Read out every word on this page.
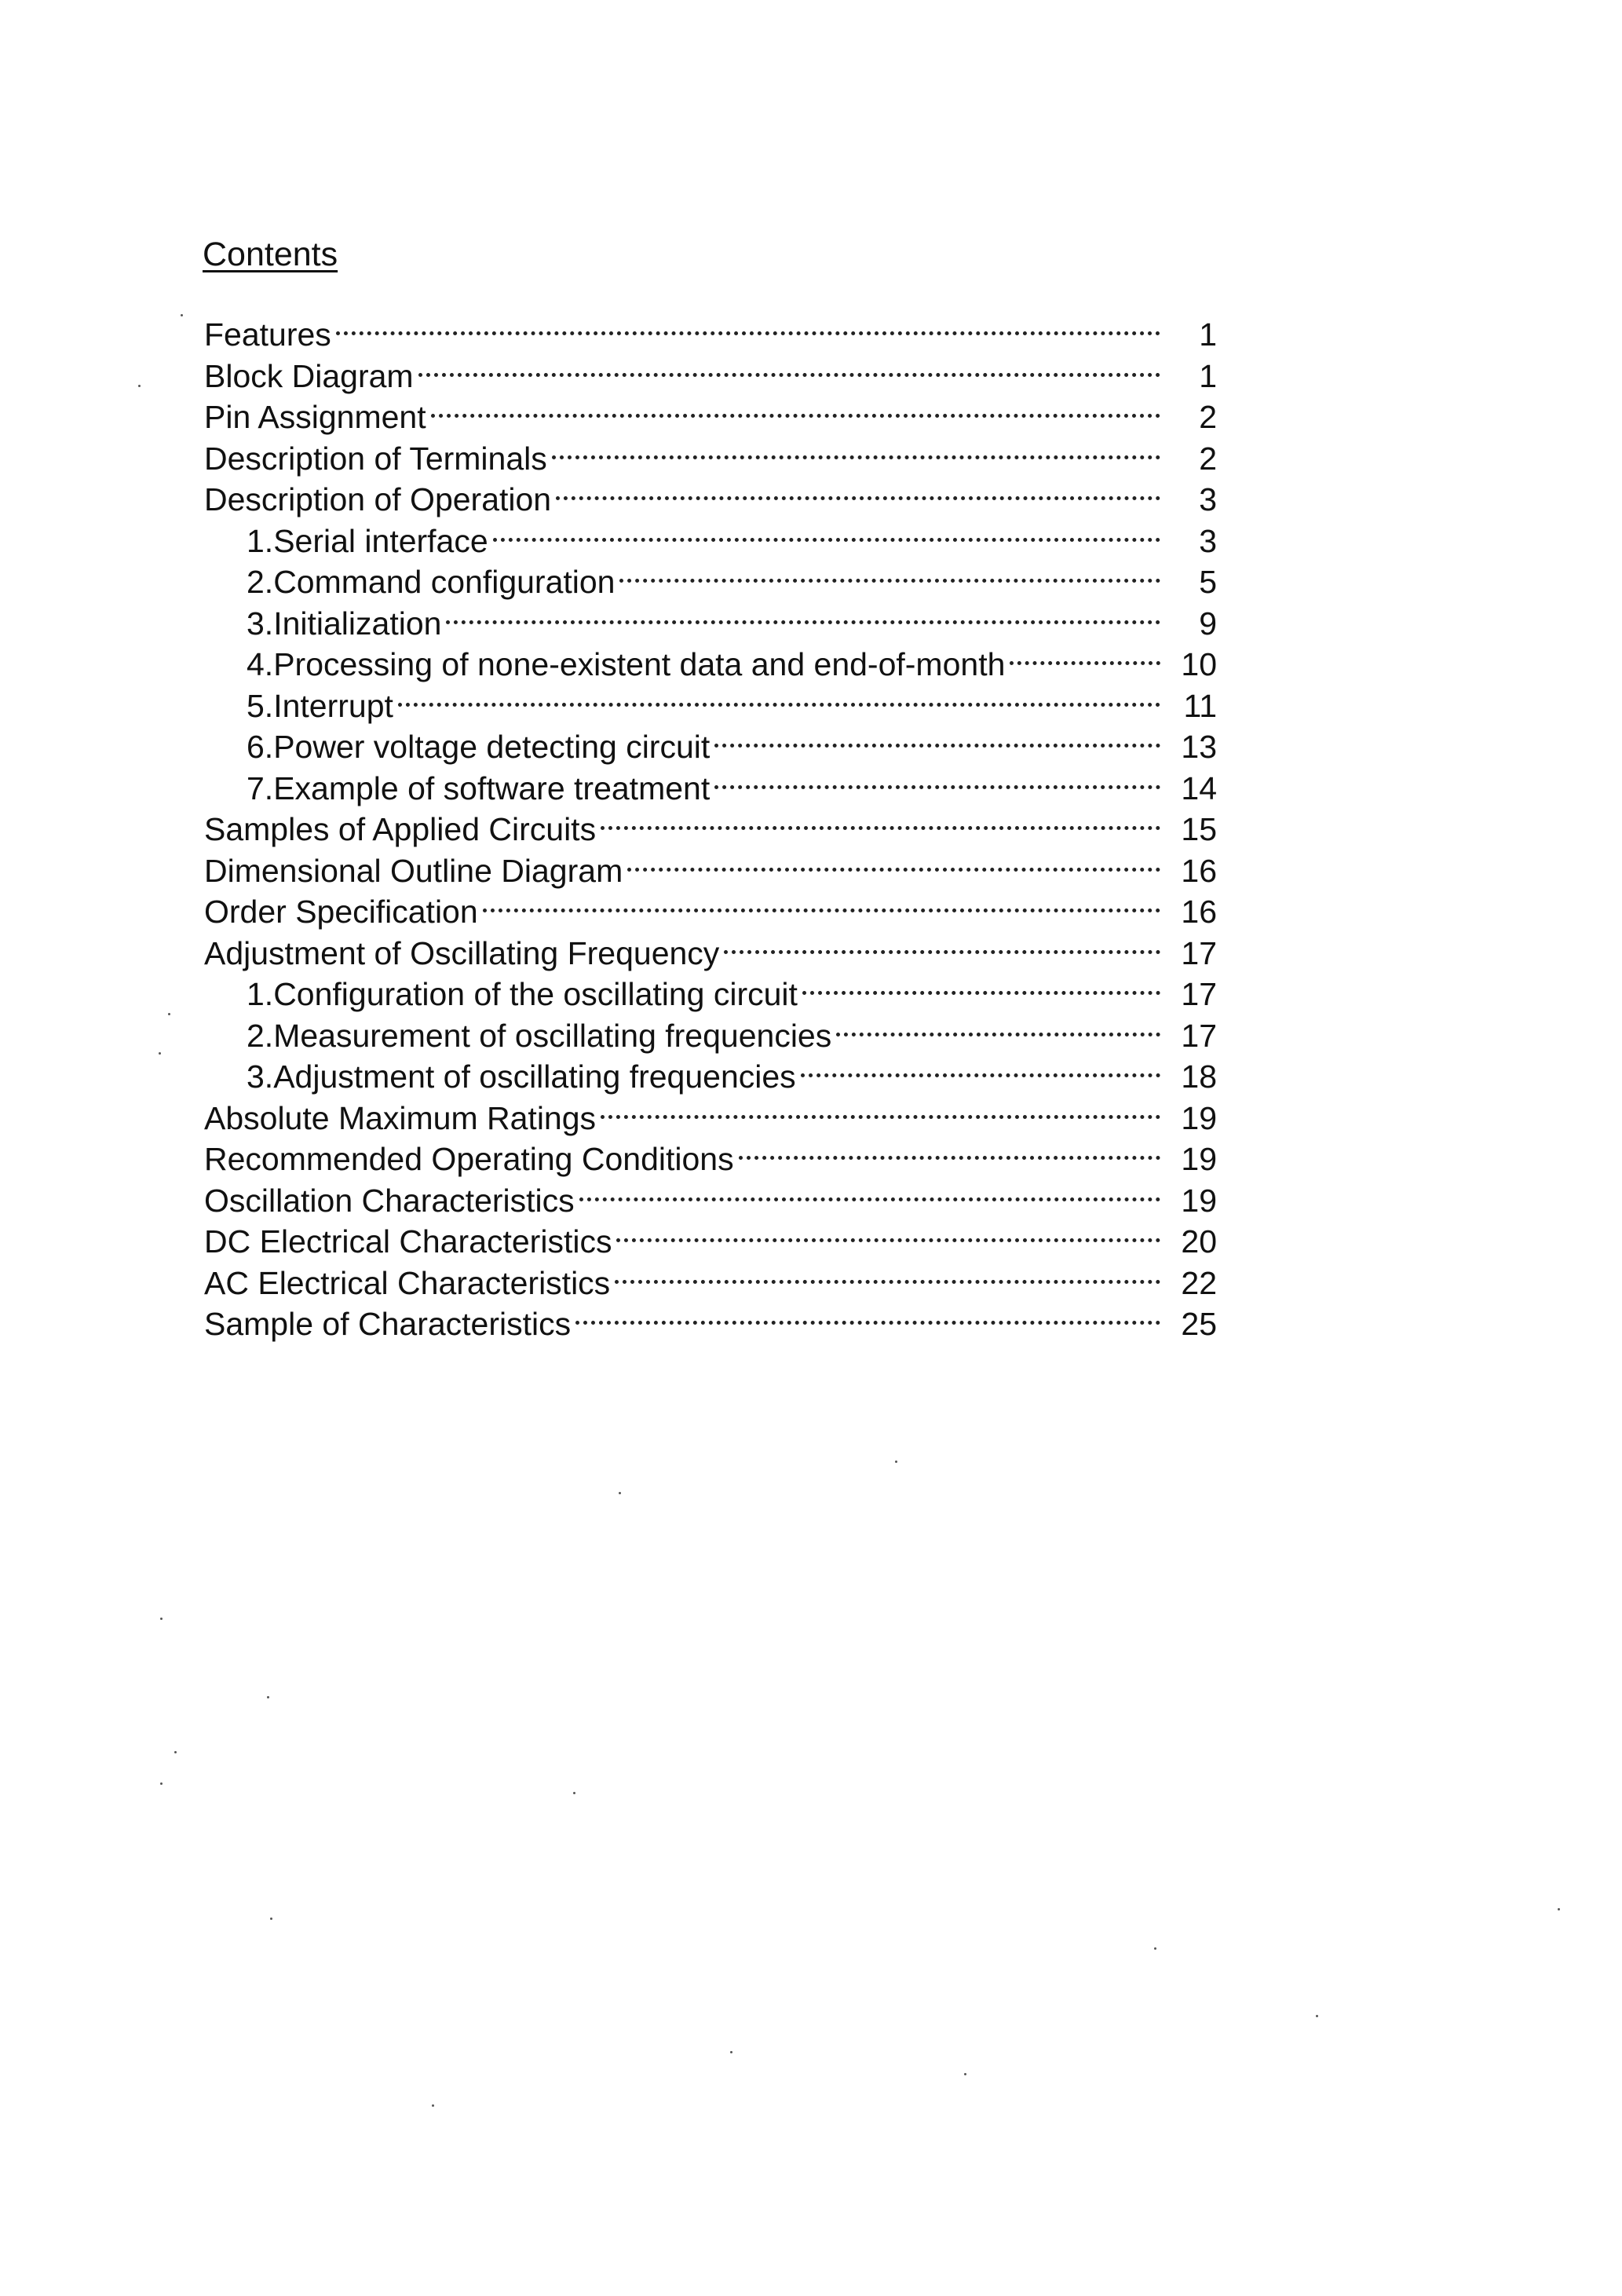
Contents
Features	1
Block Diagram	1
Pin Assignment	2
Description of Terminals	2
Description of Operation	3
1.Serial interface	3
2.Command configuration	5
3.Initialization	9
4.Processing of none-existent data and end-of-month	10
5.Interrupt	11
6.Power voltage detecting circuit	13
7.Example of software treatment	14
Samples of Applied Circuits	15
Dimensional Outline Diagram	16
Order Specification	16
Adjustment of Oscillating Frequency	17
1.Configuration of the oscillating circuit	17
2.Measurement of oscillating frequencies	17
3.Adjustment of oscillating frequencies	18
Absolute Maximum Ratings	19
Recommended Operating Conditions	19
Oscillation Characteristics	19
DC Electrical Characteristics	20
AC Electrical Characteristics	22
Sample of Characteristics	25
